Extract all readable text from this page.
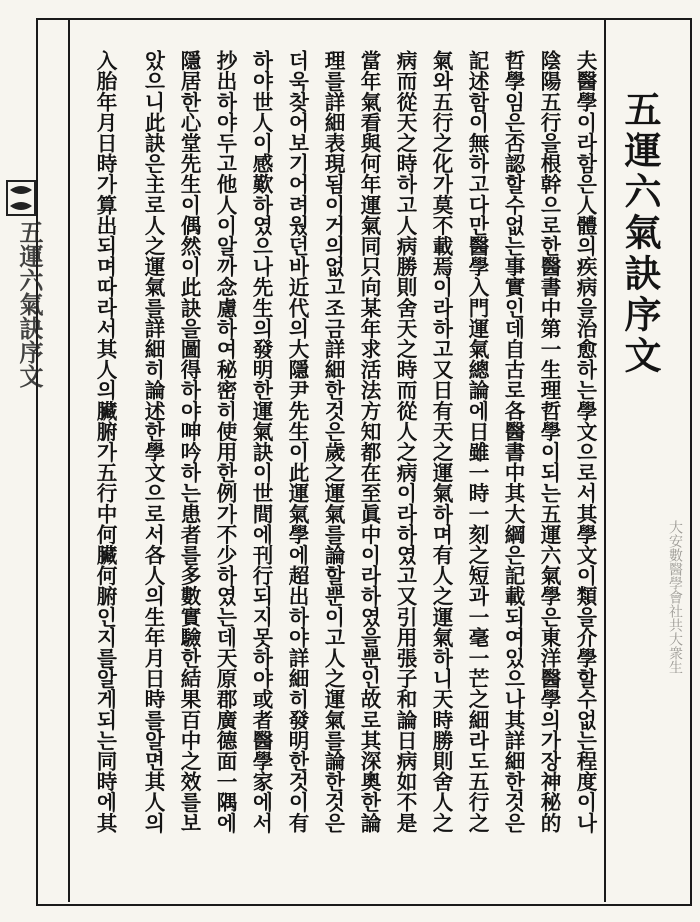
五運六氣訣序文	五運六氣訣序文
夫醫學이라함은人體의疾病을治愈하는學文으로서其學文이類을介學할수없는程度이나
陰陽五行을根幹으로한醫書中第一生理哲學이되는五運六氣學은東洋醫學의가장神秘的
哲學임은否認할수없는事實인데自古로各醫書中其大綱은記載되여있으나其詳細한것은
記述함이無하고다만醫學入門運氣總論에日雖一時一刻之短과一毫一芒之細라도五行之
氣와五行之化가莫不載焉이라하고又日有天之運氣하며有人之運氣하니天時勝則舍人之
病而從天之時하고人病勝則舍天之時而從人之病이라하였고又引用張子和論日病如不是
當年氣看與何年運氣同只向某年求活法方知都在至眞中이라하였을뿐인故로其深奧한論
理를詳細表現됨이거의없고조금詳細한것은歲之運氣를論할뿐이고人之運氣를論한것은
더욱찾어보기어려웠던바近代의大隱尹先生이此運氣學에超出하야詳細히發明한것이有
하야世人이感歎하였으나先生의發明한運氣訣이世間에刊行되지못하야或者醫學家에서
抄出하야두고他人이알까念慮하여秘密히使用한例가不少하였는데天原郡廣德面一隅에
隱居한心堂先生이偶然이此訣을圖得하야呻吟하는患者를多數實驗한結果百中之效를보
았으니此訣은主로人之運氣를詳細히論述한學文으로서各人의生年月日時를알면其人의
入胎年月日時가算出되며따라서其人의臟腑가五行中何臟何腑인지를알게되는同時에其	大安數醫學會社共大衆生
